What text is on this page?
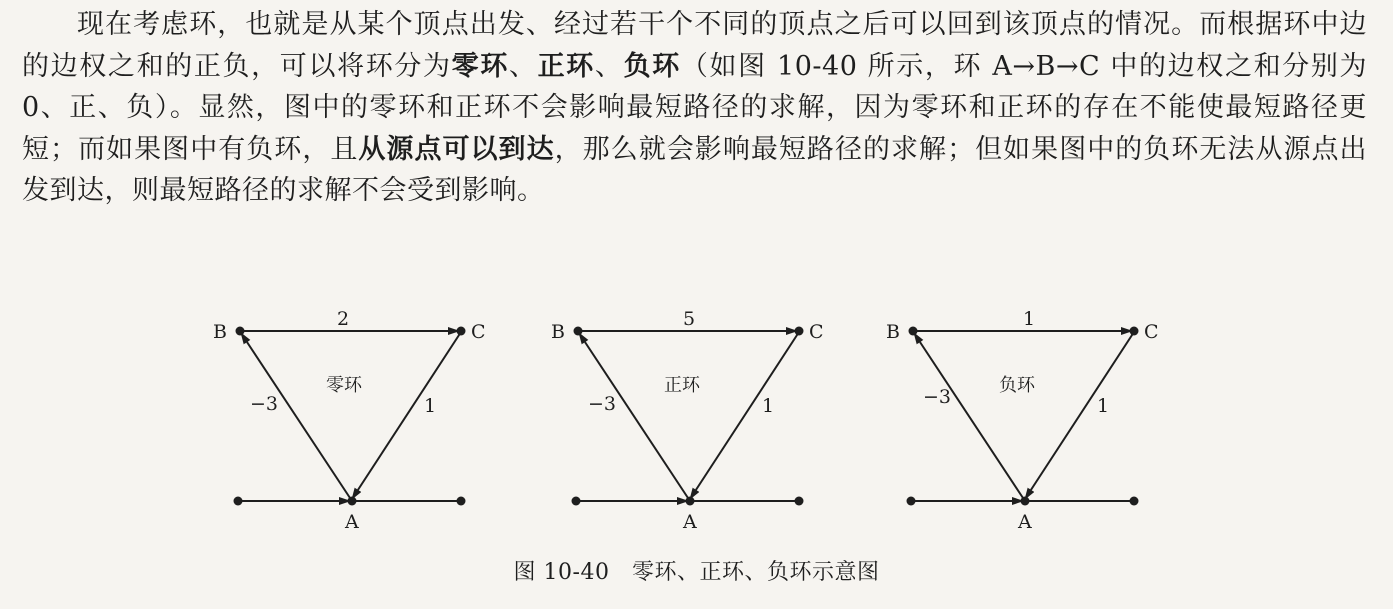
现在考虑环，也就是从某个顶点出发、经过若干个不同的顶点之后可以回到该顶点的情况。而根据环中边的边权之和的正负，可以将环分为零环、正环、负环（如图 10-40 所示，环 A→B→C 中的边权之和分别为 0、正、负）。显然，图中的零环和正环不会影响最短路径的求解，因为零环和正环的存在不能使最短路径更短；而如果图中有负环，且从源点可以到达，那么就会影响最短路径的求解；但如果图中的负环无法从源点出发到达，则最短路径的求解不会受到影响。

B	C
A
2
−3	1
零环
B	C
A
5
−3	1
正环
B	C
A
1
−3	1
负环
图 10-40　零环、正环、负环示意图
